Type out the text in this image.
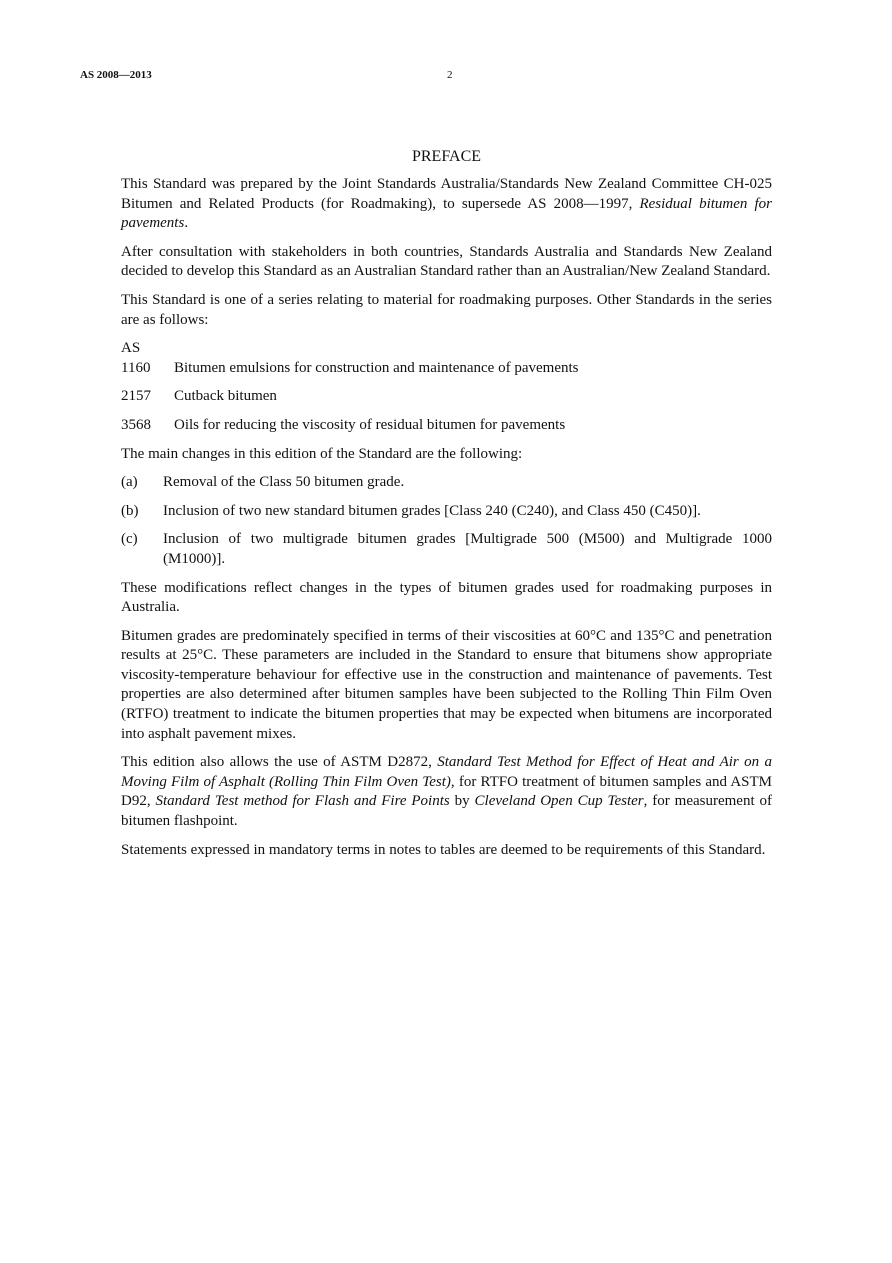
AS 2008—2013	2
PREFACE

This Standard was prepared by the Joint Standards Australia/Standards New Zealand Committee CH-025 Bitumen and Related Products (for Roadmaking), to supersede AS 2008—1997, Residual bitumen for pavements.

After consultation with stakeholders in both countries, Standards Australia and Standards New Zealand decided to develop this Standard as an Australian Standard rather than an Australian/New Zealand Standard.

This Standard is one of a series relating to material for roadmaking purposes. Other Standards in the series are as follows:

AS
1160	Bitumen emulsions for construction and maintenance of pavements
2157	Cutback bitumen
3568	Oils for reducing the viscosity of residual bitumen for pavements

The main changes in this edition of the Standard are the following:

(a)	Removal of the Class 50 bitumen grade.
(b)	Inclusion of two new standard bitumen grades [Class 240 (C240), and Class 450 (C450)].
(c)	Inclusion of two multigrade bitumen grades [Multigrade 500 (M500) and Multigrade 1000 (M1000)].

These modifications reflect changes in the types of bitumen grades used for roadmaking purposes in Australia.

Bitumen grades are predominately specified in terms of their viscosities at 60°C and 135°C and penetration results at 25°C. These parameters are included in the Standard to ensure that bitumens show appropriate viscosity-temperature behaviour for effective use in the construction and maintenance of pavements. Test properties are also determined after bitumen samples have been subjected to the Rolling Thin Film Oven (RTFO) treatment to indicate the bitumen properties that may be expected when bitumens are incorporated into asphalt pavement mixes.

This edition also allows the use of ASTM D2872, Standard Test Method for Effect of Heat and Air on a Moving Film of Asphalt (Rolling Thin Film Oven Test), for RTFO treatment of bitumen samples and ASTM D92, Standard Test method for Flash and Fire Points by Cleveland Open Cup Tester, for measurement of bitumen flashpoint.

Statements expressed in mandatory terms in notes to tables are deemed to be requirements of this Standard.
